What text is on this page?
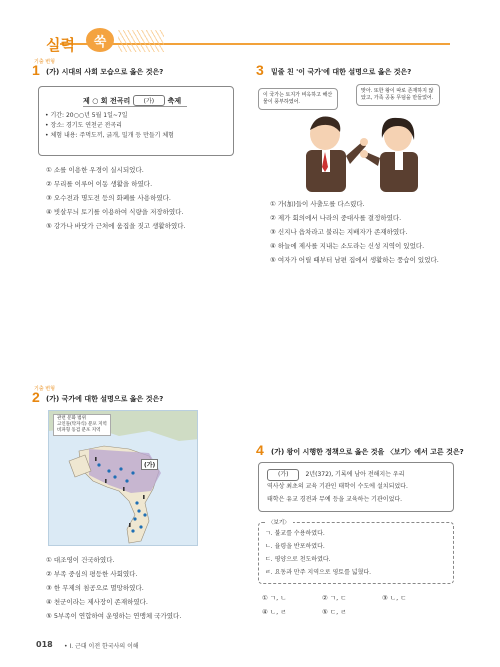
실력	쑥
기출 변형
1 (가) 시대의 사회 모습으로 옳은 것은?
제 ○ 회 전곡리 (가) 축제
• 기간: 20○○년 5월 1일~7일
• 장소: 경기도 연천군 전곡리
• 체험 내용: 주먹도끼, 긁개, 밀개 등 만들기 체험
① 소를 이용한 우경이 실시되었다.
② 무리를 이루어 이동 생활을 하였다.
③ 오수전과 명도전 등의 화폐를 사용하였다.
④ 빗살무늬 토기를 이용하여 식량을 저장하였다.
⑤ 강가나 바닷가 근처에 움집을 짓고 생활하였다.
3 밑줄 친 '이 국가'에 대한 설명으로 옳은 것은?
이 국가는 토지가 비옥하고 해산물이 풍부하였어.
맞아. 또한 왕이 따로 존재하지 않았고, 가족 공동 무덤을 만들었어.
① 가(加)들이 사출도를 다스렸다.
② 제가 회의에서 나라의 중대사를 결정하였다.
③ 신지나 읍차라고 불리는 지배자가 존재하였다.
④ 하늘에 제사를 지내는 소도라는 신성 지역이 있었다.
⑤ 여자가 어릴 때부터 남편 집에서 생활하는 풍습이 있었다.
기출 변형
2 (가) 국가에 대한 설명으로 옳은 것은?
관련 문화 범위
고인돌(탁자식) 분포 지역
비파형 동검 분포 지역
(가)
① 대조영이 건국하였다.
② 부족 중심의 평등한 사회였다.
③ 한 무제의 침공으로 멸망하였다.
④ 천군이라는 제사장이 존재하였다.
⑤ 5부족이 연합하여 운영하는 연맹체 국가였다.
4 (가) 왕이 시행한 정책으로 옳은 것을 〈보기〉에서 고른 것은?
(가)	2년(372), 기록에 남아 전해지는 우리
역사상 최초의 교육 기관인 태학이 수도에 설치되었다.
태학은 유교 경전과 무예 등을 교육하는 기관이었다.
〈보기〉
ㄱ. 불교를 수용하였다.
ㄴ. 율령을 반포하였다.
ㄷ. 평양으로 천도하였다.
ㄹ. 요동과 만주 지역으로 영토를 넓혔다.
① ㄱ, ㄴ	② ㄱ, ㄷ	③ ㄴ, ㄷ
④ ㄴ, ㄹ	⑤ ㄷ, ㄹ
018 • Ⅰ. 근대 이전 한국사의 이해
